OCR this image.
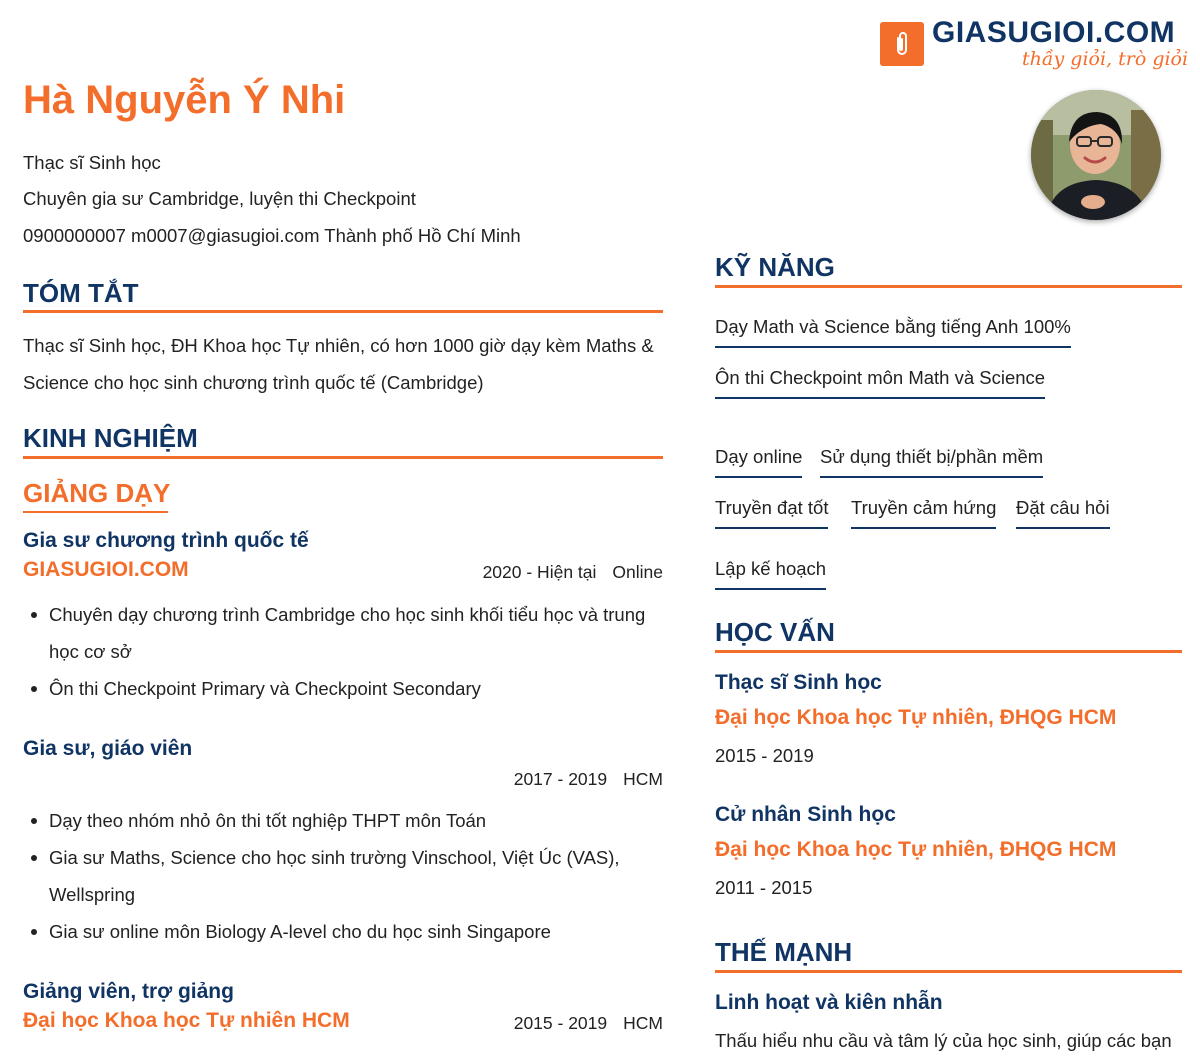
GIASUGIOI.COM
thầy giỏi, trò giỏi
Hà Nguyễn Ý Nhi
Thạc sĩ Sinh học
Chuyên gia sư Cambridge, luyện thi Checkpoint
0900000007 m0007@giasugioi.com Thành phố Hồ Chí Minh
TÓM TẮT
Thạc sĩ Sinh học, ĐH Khoa học Tự nhiên, có hơn 1000 giờ dạy kèm Maths & Science cho học sinh chương trình quốc tế (Cambridge)
KINH NGHIỆM
GIẢNG DẠY
Gia sư chương trình quốc tế
GIASUGIOI.COM	2020 - Hiện tại Online
Chuyên dạy chương trình Cambridge cho học sinh khối tiểu học và trung học cơ sở
Ôn thi Checkpoint Primary và Checkpoint Secondary
Gia sư, giáo viên
2017 - 2019 HCM
Dạy theo nhóm nhỏ ôn thi tốt nghiệp THPT môn Toán
Gia sư Maths, Science cho học sinh trường Vinschool, Việt Úc (VAS), Wellspring
Gia sư online môn Biology A-level cho du học sinh Singapore
Giảng viên, trợ giảng
Đại học Khoa học Tự nhiên HCM	2015 - 2019 HCM
KỸ NĂNG
Dạy Math và Science bằng tiếng Anh 100%
Ôn thi Checkpoint môn Math và Science
Dạy online Sử dụng thiết bị/phần mềm
Truyền đạt tốt Truyền cảm hứng Đặt câu hỏi
Lập kế hoạch
HỌC VẤN
Thạc sĩ Sinh học
Đại học Khoa học Tự nhiên, ĐHQG HCM
2015 - 2019
Cử nhân Sinh học
Đại học Khoa học Tự nhiên, ĐHQG HCM
2011 - 2015
THẾ MẠNH
Linh hoạt và kiên nhẫn
Thấu hiểu nhu cầu và tâm lý của học sinh, giúp các bạn
